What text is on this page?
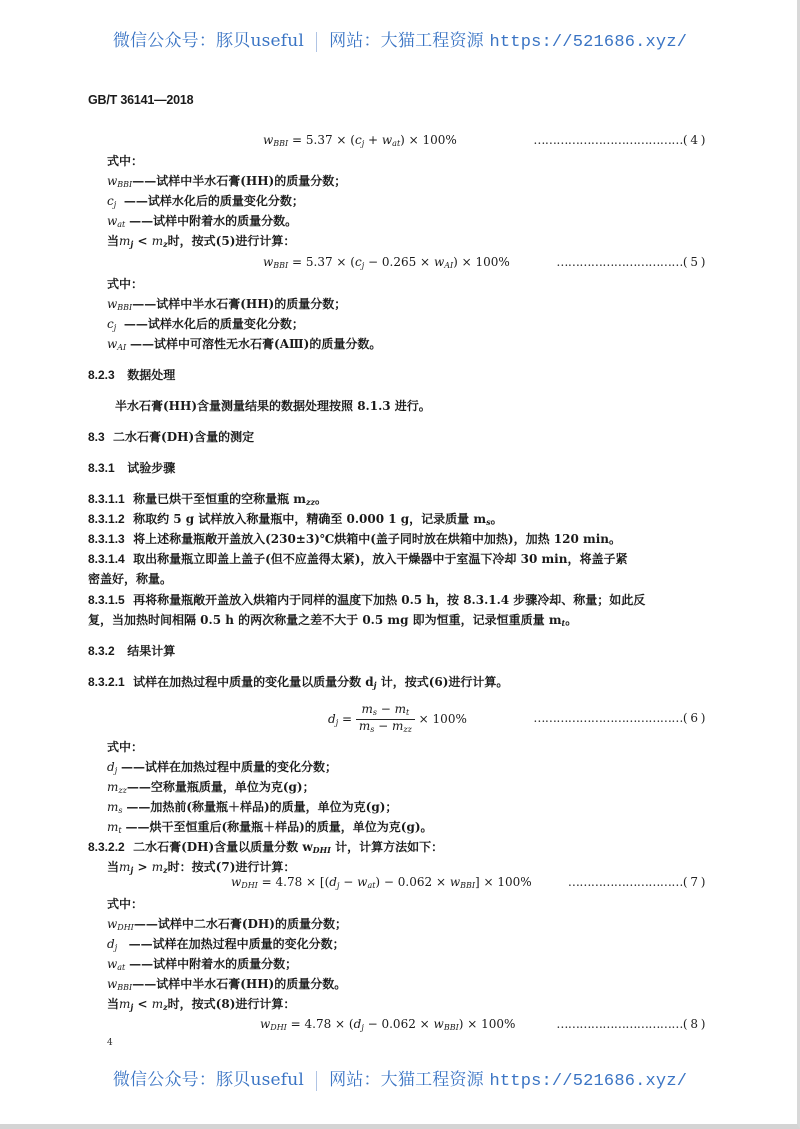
微信公众号：豚贝useful 网站：大猫工程资源 https://521686.xyz/
GB/T 36141—2018
$w_{BBI} = 5.37 \times (c_j + w_{at}) \times 100\%$	…………………………………( 4 )
式中：
$w_{BBI}——$试样中半水石膏(HH)的质量分数；
$c_j$ ——试样水化后的质量变化分数；
$w_{at}$ ——试样中附着水的质量分数。
当$m_j < m_z$时，按式(5)进行计算：
$w_{BBI} = 5.37 \times (c_j - 0.265 \times w_{AI}) \times 100\%$	……………………………( 5 )
式中：
$w_{BBI}——$试样中半水石膏(HH)的质量分数；
$c_j$ ——试样水化后的质量变化分数；
$w_{AI}$ ——试样中可溶性无水石膏(AⅢ)的质量分数。
8.2.3 数据处理
半水石膏(HH)含量测量结果的数据处理按照 8.1.3 进行。
8.3 二水石膏(DH)含量的测定
8.3.1 试验步骤
8.3.1.1 称量已烘干至恒重的空称量瓶 $m_{zz}$。
8.3.1.2 称取约 5 g 试样放入称量瓶中，精确至 0.000 1 g，记录质量 $m_s$。
8.3.1.3 将上述称量瓶敞开盖放入(230±3)℃烘箱中(盖子同时放在烘箱中加热)，加热 120 min。
8.3.1.4 取出称量瓶立即盖上盖子(但不应盖得太紧)，放入干燥器中于室温下冷却 30 min，将盖子紧
密盖好，称量。
8.3.1.5 再将称量瓶敞开盖放入烘箱内于同样的温度下加热 0.5 h，按 8.3.1.4 步骤冷却、称量；如此反
复，当加热时间相隔 0.5 h 的两次称量之差不大于 0.5 mg 即为恒重，记录恒重质量 $m_t$。
8.3.2 结果计算
8.3.2.1 试样在加热过程中质量的变化量以质量分数 $d_j$ 计，按式(6)进行计算。
$d_j = \frac{m_s - m_t}{m_s - m_{zz}} \times 100\%$	…………………………………( 6 )
式中：
$d_j$ ——试样在加热过程中质量的变化分数；
$m_{zz}——$空称量瓶质量，单位为克(g)；
$m_s$ ——加热前(称量瓶＋样品)的质量，单位为克(g)；
$m_t$ ——烘干至恒重后(称量瓶＋样品)的质量，单位为克(g)。
8.3.2.2 二水石膏(DH)含量以质量分数 $w_{DHI}$ 计，计算方法如下：
当$m_j > m_z$时：按式(7)进行计算：
$w_{DHI} = 4.78 \times [(d_j - w_{at}) - 0.062 \times w_{BBI}] \times 100\%$	…………………………( 7 )
式中：
$w_{DHI}——$试样中二水石膏(DH)的质量分数；
$d_j$ ——试样在加热过程中质量的变化分数；
$w_{at}$ ——试样中附着水的质量分数；
$w_{BBI}——$试样中半水石膏(HH)的质量分数。
当$m_j < m_z$时，按式(8)进行计算：
$w_{DHI} = 4.78 \times (d_j - 0.062 \times w_{BBI}) \times 100\%$	……………………………( 8 )
4
微信公众号：豚贝useful 网站：大猫工程资源 https://521686.xyz/
